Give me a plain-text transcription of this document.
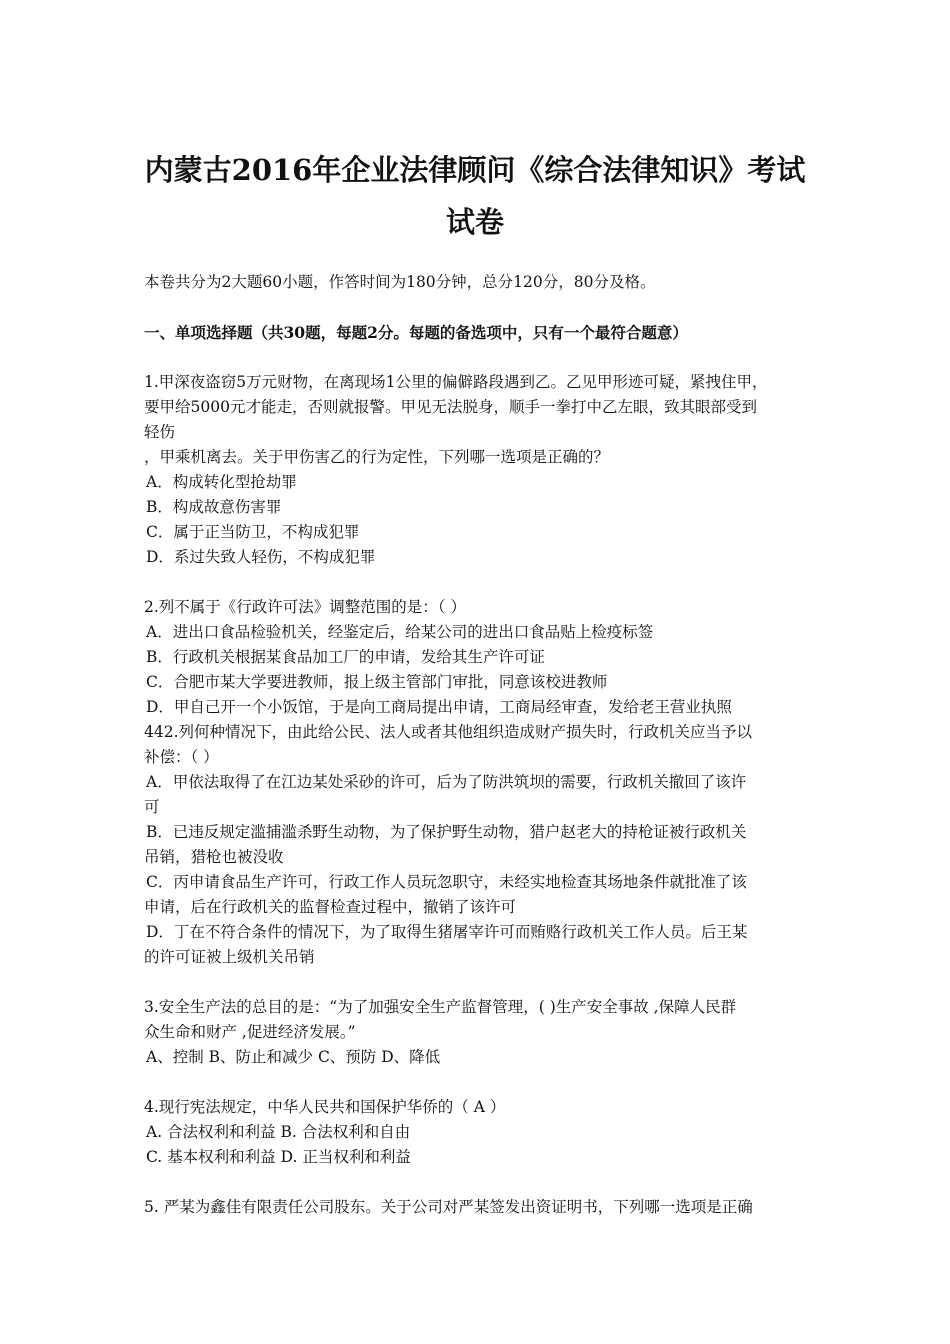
内蒙古2016年企业法律顾问《综合法律知识》考试
试卷

本卷共分为2大题60小题，作答时间为180分钟，总分120分，80分及格。

一、单项选择题（共30题，每题2分。每题的备选项中，只有一个最符合题意）

1.甲深夜盗窃5万元财物，在离现场1公里的偏僻路段遇到乙。乙见甲形迹可疑，紧拽住甲，

要甲给5000元才能走，否则就报警。甲见无法脱身，顺手一拳打中乙左眼，致其眼部受到

轻伤

，甲乘机离去。关于甲伤害乙的行为定性，下列哪一选项是正确的？

A．构成转化型抢劫罪

B．构成故意伤害罪

C．属于正当防卫，不构成犯罪

D．系过失致人轻伤，不构成犯罪

2.列不属于《行政许可法》调整范围的是：（ ）

A．进出口食品检验机关，经鉴定后，给某公司的进出口食品贴上检疫标签

B．行政机关根据某食品加工厂的申请，发给其生产许可证

C．合肥市某大学要进教师，报上级主管部门审批，同意该校进教师

D．甲自己开一个小饭馆，于是向工商局提出申请，工商局经审查，发给老王营业执照

442.列何种情况下，由此给公民、法人或者其他组织造成财产损失时，行政机关应当予以

补偿：（ ）

A．甲依法取得了在江边某处采砂的许可，后为了防洪筑坝的需要，行政机关撤回了该许

可

B．已违反规定滥捕滥杀野生动物，为了保护野生动物，猎户赵老大的持枪证被行政机关

吊销，猎枪也被没收

C．丙申请食品生产许可，行政工作人员玩忽职守，未经实地检查其场地条件就批准了该

申请，后在行政机关的监督检查过程中，撤销了该许可

D．丁在不符合条件的情况下，为了取得生猪屠宰许可而贿赂行政机关工作人员。后王某

的许可证被上级机关吊销

3.安全生产法的总目的是：“为了加强安全生产监督管理，( )生产安全事故 ,保障人民群

众生命和财产 ,促进经济发展。”

A、控制 B、防止和减少 C、预防 D、降低

4.现行宪法规定，中华人民共和国保护华侨的（ A ）

A. 合法权利和利益 B. 合法权利和自由

C. 基本权利和利益 D. 正当权利和利益

5. 严某为鑫佳有限责任公司股东。关于公司对严某签发出资证明书，下列哪一选项是正确
